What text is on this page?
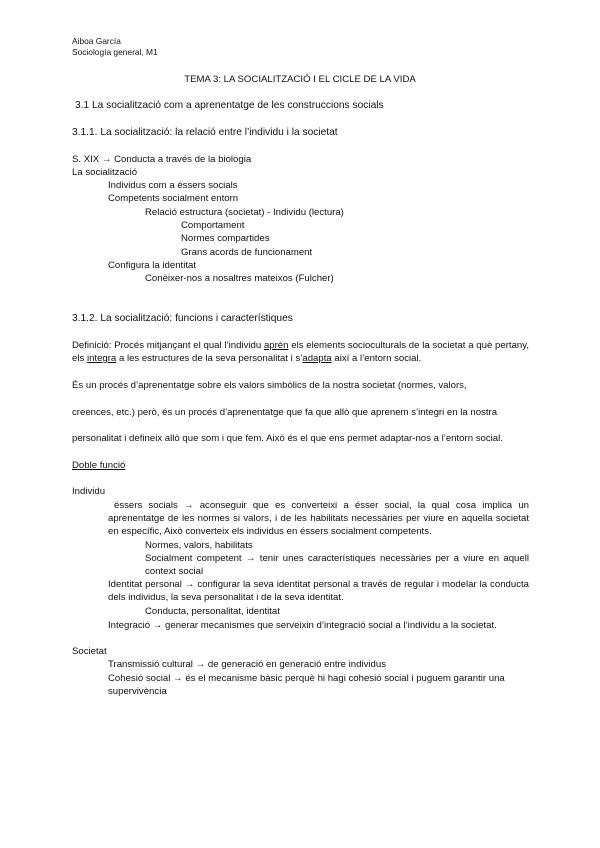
Aiboa García
Sociología general, M1
TEMA 3: LA SOCIALITZACIÓ I EL CICLE DE LA VIDA
3.1 La socialització com a aprenentatge de les construccions socials
3.1.1. La socialització: la relació entre l’individu i la societat
S. XIX → Conducta a través de la biologia
La socialització
Individus com a éssers socials
Competents socialment entorn
Relació estructura (societat) - Individu (lectura)
Comportament
Normes compartides
Grans acords de funcionament
Configura la identitat
Conèixer-nos a nosaltres mateixos (Fulcher)
3.1.2. La socialització: funcions i característiques
Definició: Procés mitjançant el qual l’individu aprèn els elements socioculturals de la societat a què pertany, els integra a les estructures de la seva personalitat i s’adapta així a l’entorn social.
És un procés d’aprenentatge sobre els valors simbòlics de la nostra societat (normes, valors,
creences, etc.) però, és un procés d’aprenentatge que fa que allò que aprenem s’integri en la nostra
personalitat i defineix allò que som i que fem. Això és el que ens permet adaptar-nos a l’entorn social.
Doble funció
Individu
éssers socials → aconseguir que es converteixi a ésser social, la qual cosa implica un aprenentatge de les normes si valors, i de les habilitats necessàries per viure en aquella societat en específic, Això converteix els individus en éssers socialment competents.
Normes, valors, habilitats
Socialment competent → tenir unes característiques necessàries per a viure en aquell context social
Identitat personal → configurar la seva identitat personal a través de regular i modelar la conducta dels individus, la seva personalitat i de la seva identitat.
Conducta, personalitat, identitat
Integració → generar mecanismes que serveixin d’integració social a l’individu a la societat.
Societat
Transmissió cultural → de generació en generació entre individus
Cohesió social → és el mecanisme bàsic perquè hi hagi cohesió social i puguem garantir una supervivència
